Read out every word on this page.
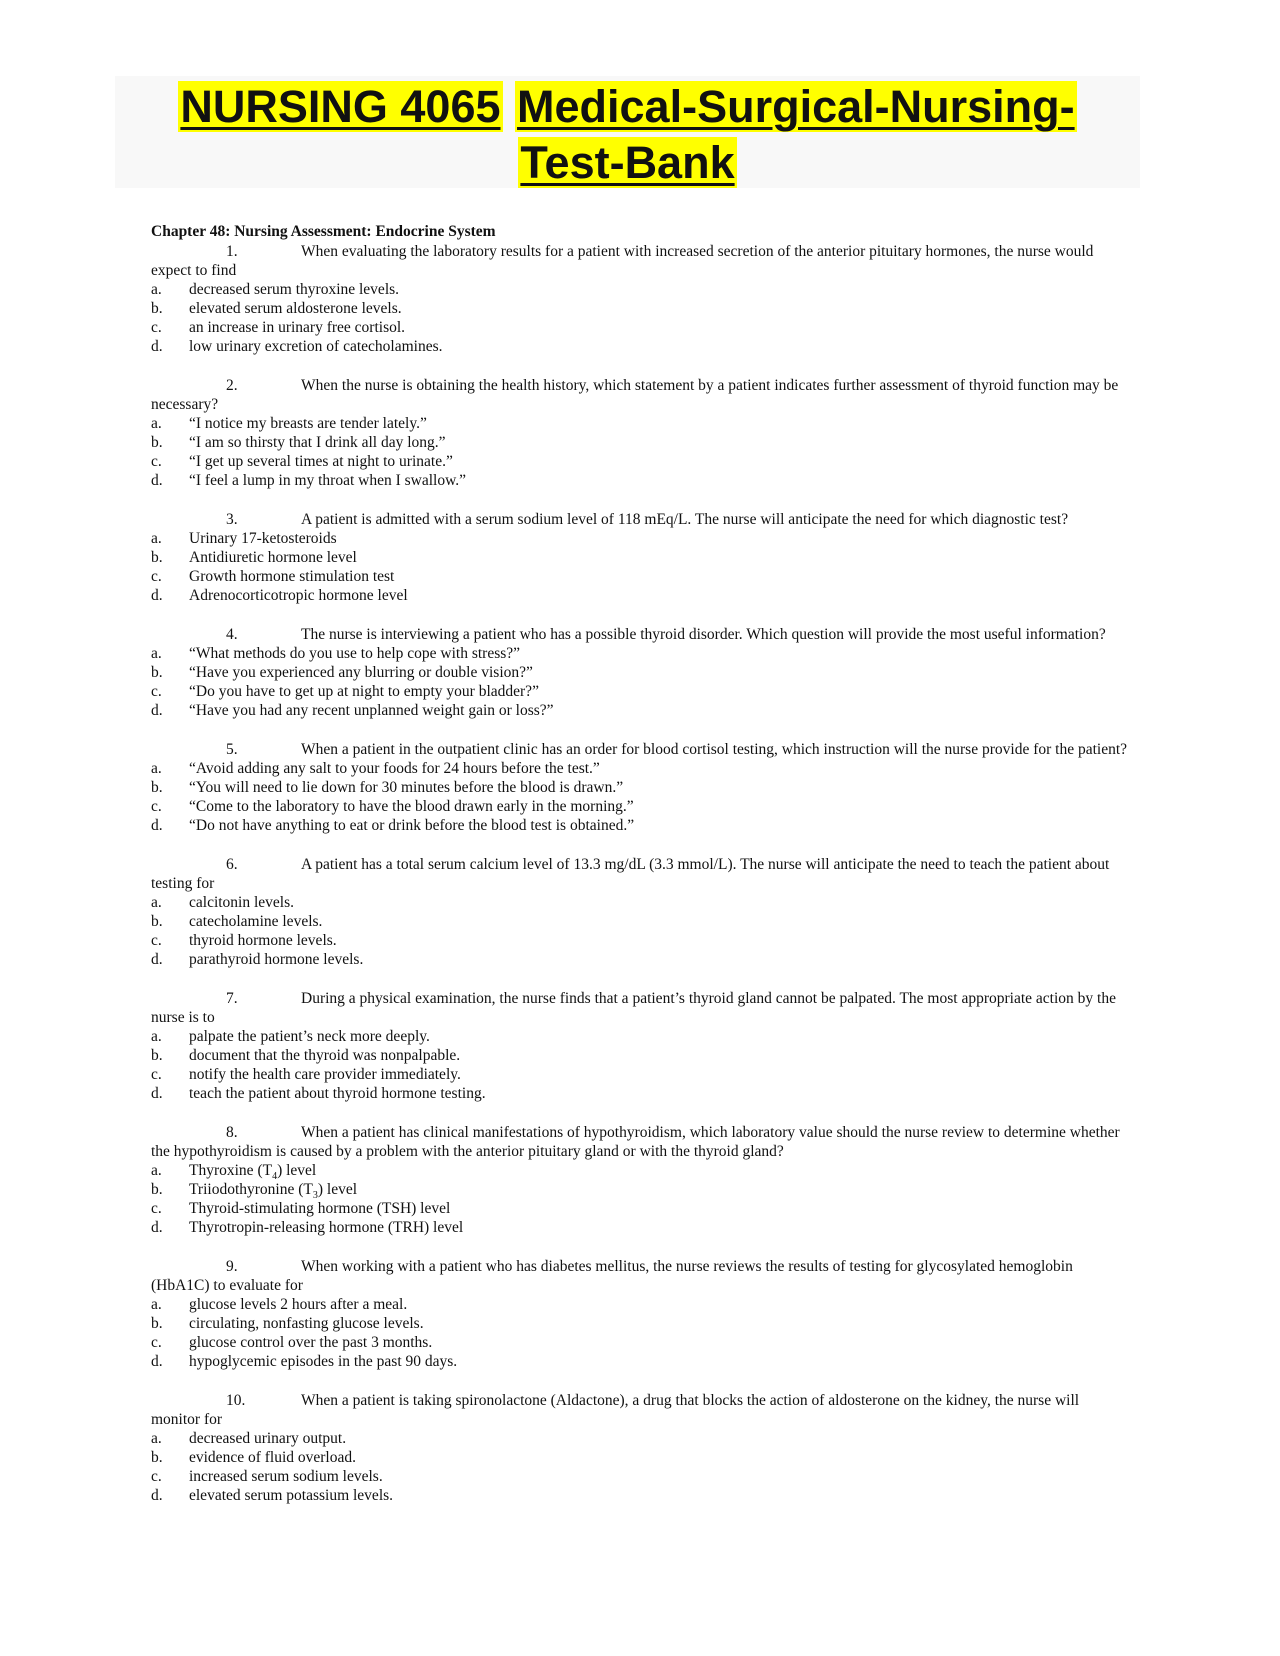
NURSING 4065 Medical-Surgical-Nursing-
Test-Bank
Chapter 48: Nursing Assessment: Endocrine System
1.	When evaluating the laboratory results for a patient with increased secretion of the anterior pituitary hormones, the nurse would expect to find
a.	decreased serum thyroxine levels.
b.	elevated serum aldosterone levels.
c.	an increase in urinary free cortisol.
d.	low urinary excretion of catecholamines.
2.	When the nurse is obtaining the health history, which statement by a patient indicates further assessment of thyroid function may be necessary?
a.	“I notice my breasts are tender lately.”
b.	“I am so thirsty that I drink all day long.”
c.	“I get up several times at night to urinate.”
d.	“I feel a lump in my throat when I swallow.”
3.	A patient is admitted with a serum sodium level of 118 mEq/L. The nurse will anticipate the need for which diagnostic test?
a.	Urinary 17-ketosteroids
b.	Antidiuretic hormone level
c.	Growth hormone stimulation test
d.	Adrenocorticotropic hormone level
4.	The nurse is interviewing a patient who has a possible thyroid disorder. Which question will provide the most useful information?
a.	“What methods do you use to help cope with stress?”
b.	“Have you experienced any blurring or double vision?”
c.	“Do you have to get up at night to empty your bladder?”
d.	“Have you had any recent unplanned weight gain or loss?”
5.	When a patient in the outpatient clinic has an order for blood cortisol testing, which instruction will the nurse provide for the patient?
a.	“Avoid adding any salt to your foods for 24 hours before the test.”
b.	“You will need to lie down for 30 minutes before the blood is drawn.”
c.	“Come to the laboratory to have the blood drawn early in the morning.”
d.	“Do not have anything to eat or drink before the blood test is obtained.”
6.	A patient has a total serum calcium level of 13.3 mg/dL (3.3 mmol/L). The nurse will anticipate the need to teach the patient about testing for
a.	calcitonin levels.
b.	catecholamine levels.
c.	thyroid hormone levels.
d.	parathyroid hormone levels.
7.	During a physical examination, the nurse finds that a patient’s thyroid gland cannot be palpated. The most appropriate action by the nurse is to
a.	palpate the patient’s neck more deeply.
b.	document that the thyroid was nonpalpable.
c.	notify the health care provider immediately.
d.	teach the patient about thyroid hormone testing.
8.	When a patient has clinical manifestations of hypothyroidism, which laboratory value should the nurse review to determine whether the hypothyroidism is caused by a problem with the anterior pituitary gland or with the thyroid gland?
a.	Thyroxine $(T_4)$ level
b.	Triiodothyronine $(T_3)$ level
c.	Thyroid-stimulating hormone (TSH) level
d.	Thyrotropin-releasing hormone (TRH) level
9.	When working with a patient who has diabetes mellitus, the nurse reviews the results of testing for glycosylated hemoglobin (HbA1C) to evaluate for
a.	glucose levels 2 hours after a meal.
b.	circulating, nonfasting glucose levels.
c.	glucose control over the past 3 months.
d.	hypoglycemic episodes in the past 90 days.
10.	When a patient is taking spironolactone (Aldactone), a drug that blocks the action of aldosterone on the kidney, the nurse will monitor for
a.	decreased urinary output.
b.	evidence of fluid overload.
c.	increased serum sodium levels.
d.	elevated serum potassium levels.
